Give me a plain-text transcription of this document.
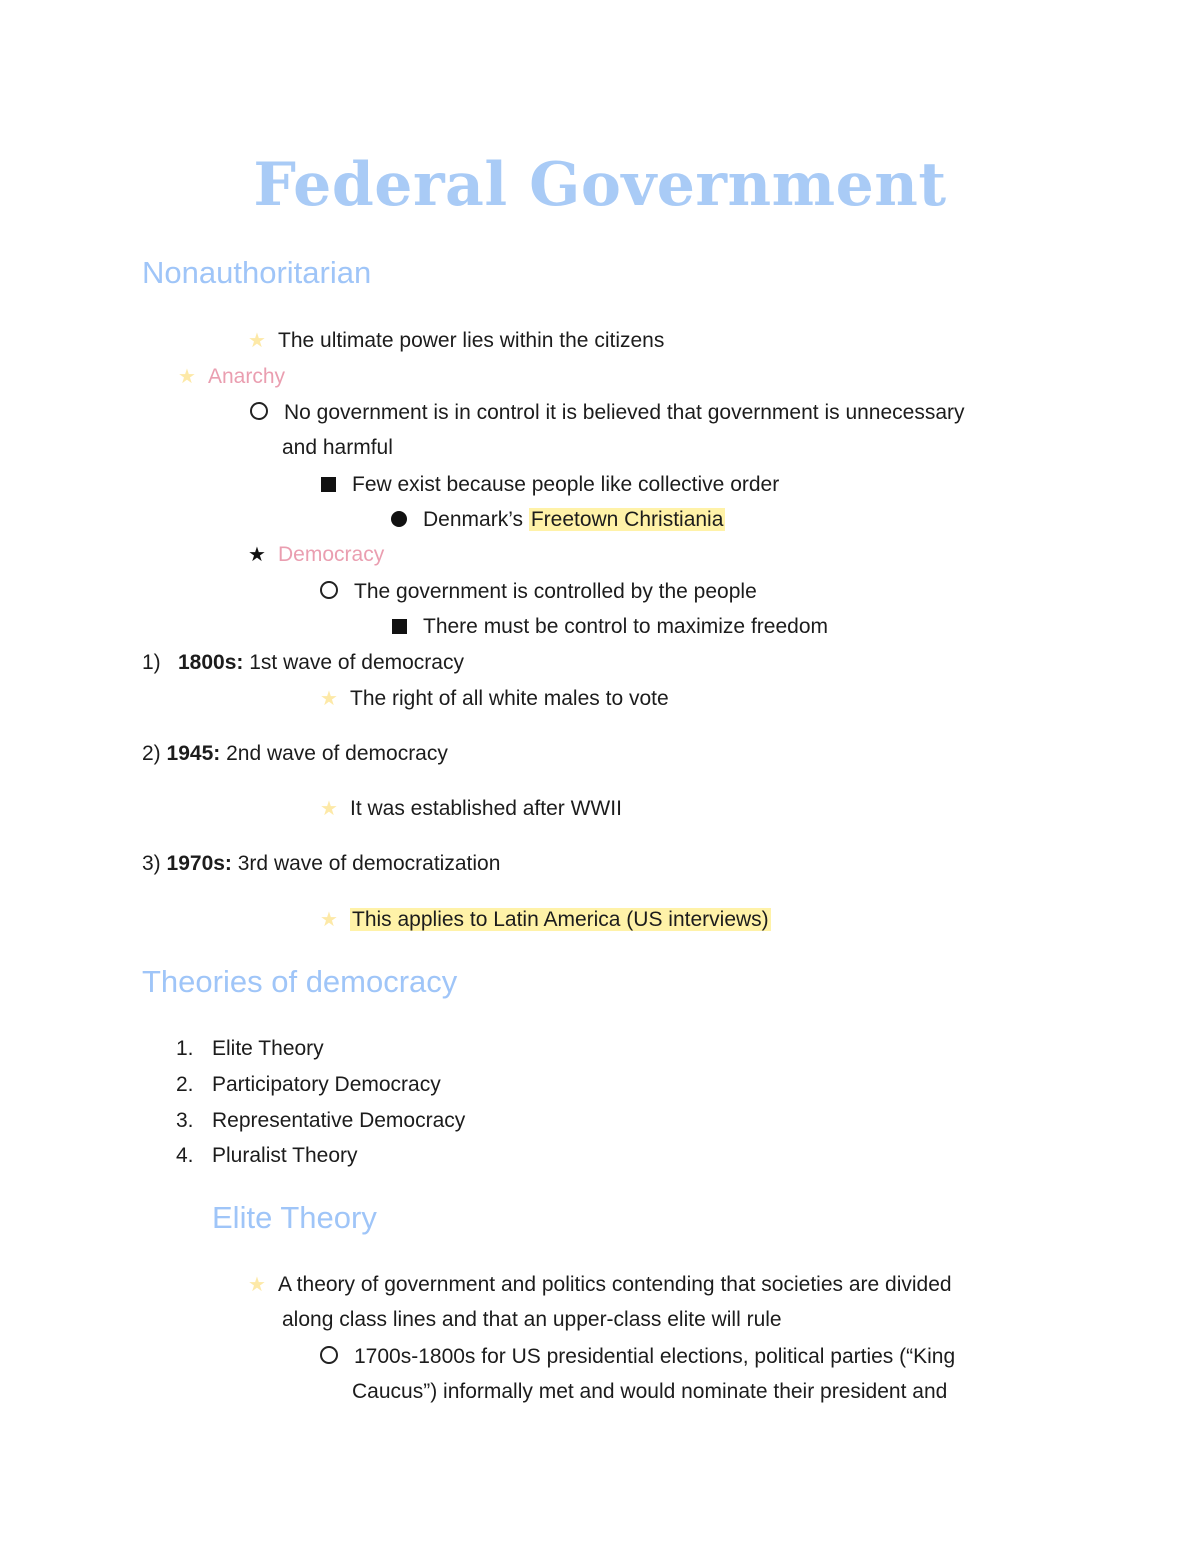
Federal Government
Nonauthoritarian
★ The ultimate power lies within the citizens
★ Anarchy
No government is in control it is believed that government is unnecessary
and harmful
Few exist because people like collective order
Denmark’s Freetown Christiania
★ Democracy
The government is controlled by the people
There must be control to maximize freedom
1) 1800s: 1st wave of democracy
★ The right of all white males to vote
2) 1945: 2nd wave of democracy
★ It was established after WWII
3) 1970s: 3rd wave of democratization
★ This applies to Latin America (US interviews)
Theories of democracy
1. Elite Theory
2. Participatory Democracy
3. Representative Democracy
4. Pluralist Theory
Elite Theory
★ A theory of government and politics contending that societies are divided
along class lines and that an upper-class elite will rule
1700s-1800s for US presidential elections, political parties (“King
Caucus”) informally met and would nominate their president and
